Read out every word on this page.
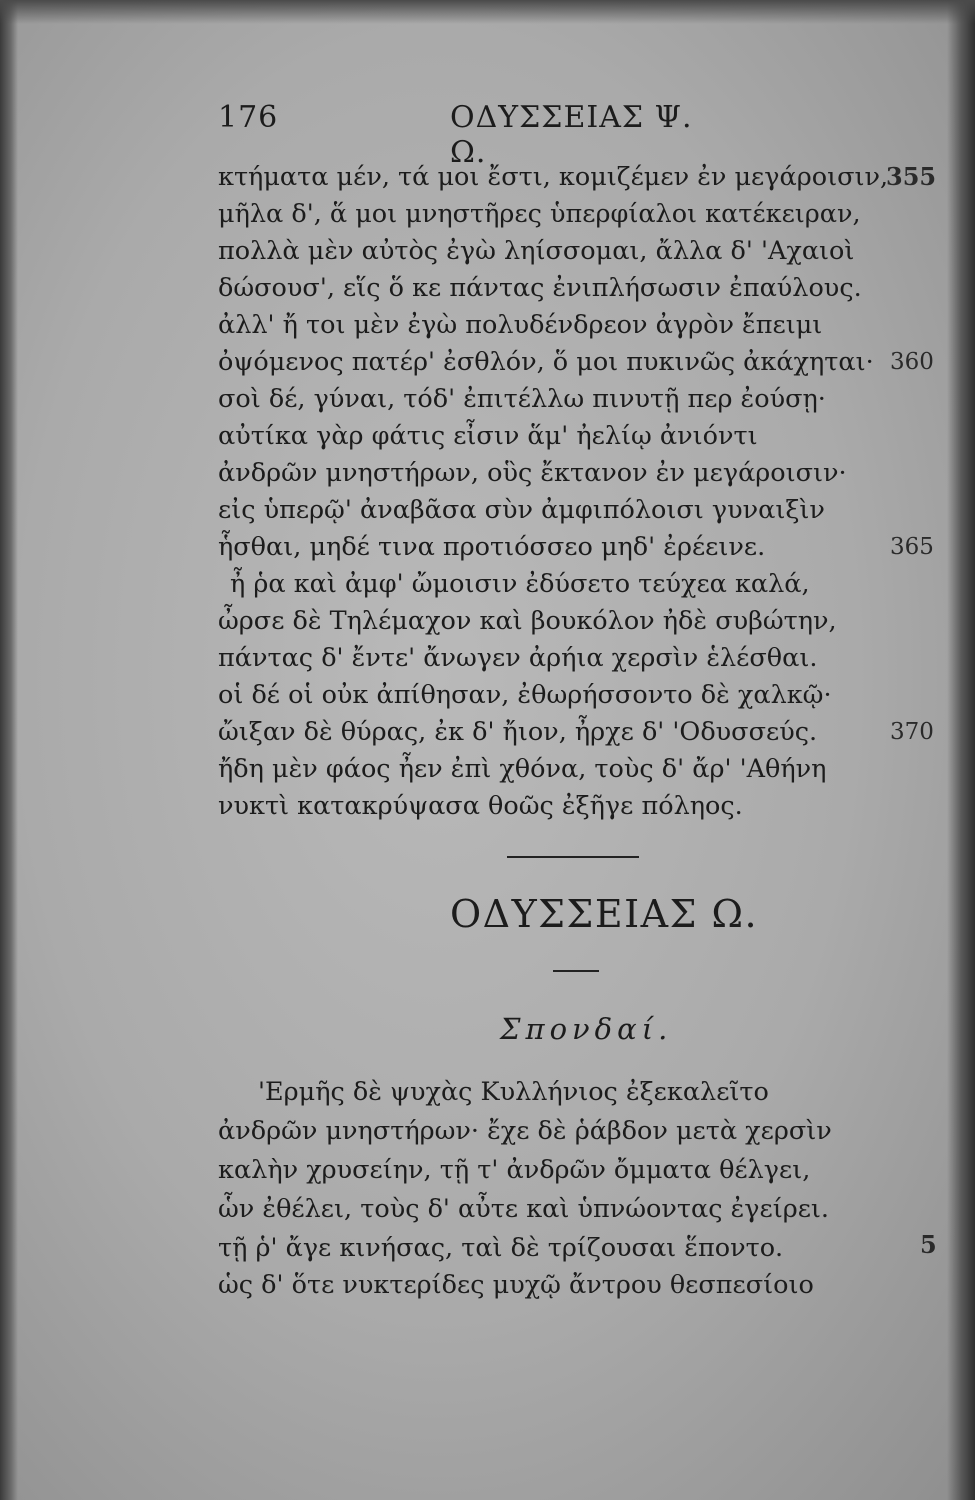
176	ΟΔΥΣΣΕΙΑΣ Ψ. Ω.
κτήματα μέν, τά μοι ἔστι, κομιζέμεν ἐν μεγάροισιν,
355
μῆλα δ', ἅ μοι μνηστῆρες ὑπερφίαλοι κατέκειραν,
πολλὰ μὲν αὐτὸς ἐγὼ ληίσσομαι, ἄλλα δ' 'Αχαιοὶ
δώσουσ', εἵς ὅ κε πάντας ἐνιπλήσωσιν ἐπαύλους.
ἀλλ' ἤ τοι μὲν ἐγὼ πολυδένδρεον ἀγρὸν ἔπειμι
ὀψόμενος πατέρ' ἐσθλόν, ὅ μοι πυκινῶς ἀκάχηται· 360
σοὶ δέ, γύναι, τόδ' ἐπιτέλλω πινυτῇ περ ἐούσῃ·
αὐτίκα γὰρ φάτις εἶσιν ἅμ' ἠελίῳ ἀνιόντι
ἀνδρῶν μνηστήρων, οὓς ἔκτανον ἐν μεγάροισιν·
εἰς ὑπερῷ' ἀναβᾶσα σὺν ἀμφιπόλοισι γυναιξὶν
ἧσθαι, μηδέ τινα προτιόσσεο μηδ' ἐρέεινε.	365
ἦ ῥα καὶ ἀμφ' ὤμοισιν ἐδύσετο τεύχεα καλά,
ὦρσε δὲ Τηλέμαχον καὶ βουκόλον ἠδὲ συβώτην,
πάντας δ' ἔντε' ἄνωγεν ἀρήια χερσὶν ἑλέσθαι.
οἱ δέ οἱ οὐκ ἀπίθησαν, ἐθωρήσσοντο δὲ χαλκῷ·
ὤιξαν δὲ θύρας, ἐκ δ' ἤιον, ἦρχε δ' 'Οδυσσεύς.	370
ἤδη μὲν φάος ἦεν ἐπὶ χθόνα, τοὺς δ' ἄρ' 'Αθήνη
νυκτὶ κατακρύψασα θοῶς ἐξῆγε πόληος.
ΟΔΥΣΣΕΙΑΣ Ω.
Σπονδαί.
'Ερμῆς δὲ ψυχὰς Κυλλήνιος ἐξεκαλεῖτο
ἀνδρῶν μνηστήρων· ἔχε δὲ ῥάβδον μετὰ χερσὶν
καλὴν χρυσείην, τῇ τ' ἀνδρῶν ὄμματα θέλγει,
ὧν ἐθέλει, τοὺς δ' αὖτε καὶ ὑπνώοντας ἐγείρει.
τῇ ῥ' ἄγε κινήσας, ταὶ δὲ τρίζουσαι ἕποντο.	5
ὡς δ' ὅτε νυκτερίδες μυχῷ ἄντρου θεσπεσίοιο
